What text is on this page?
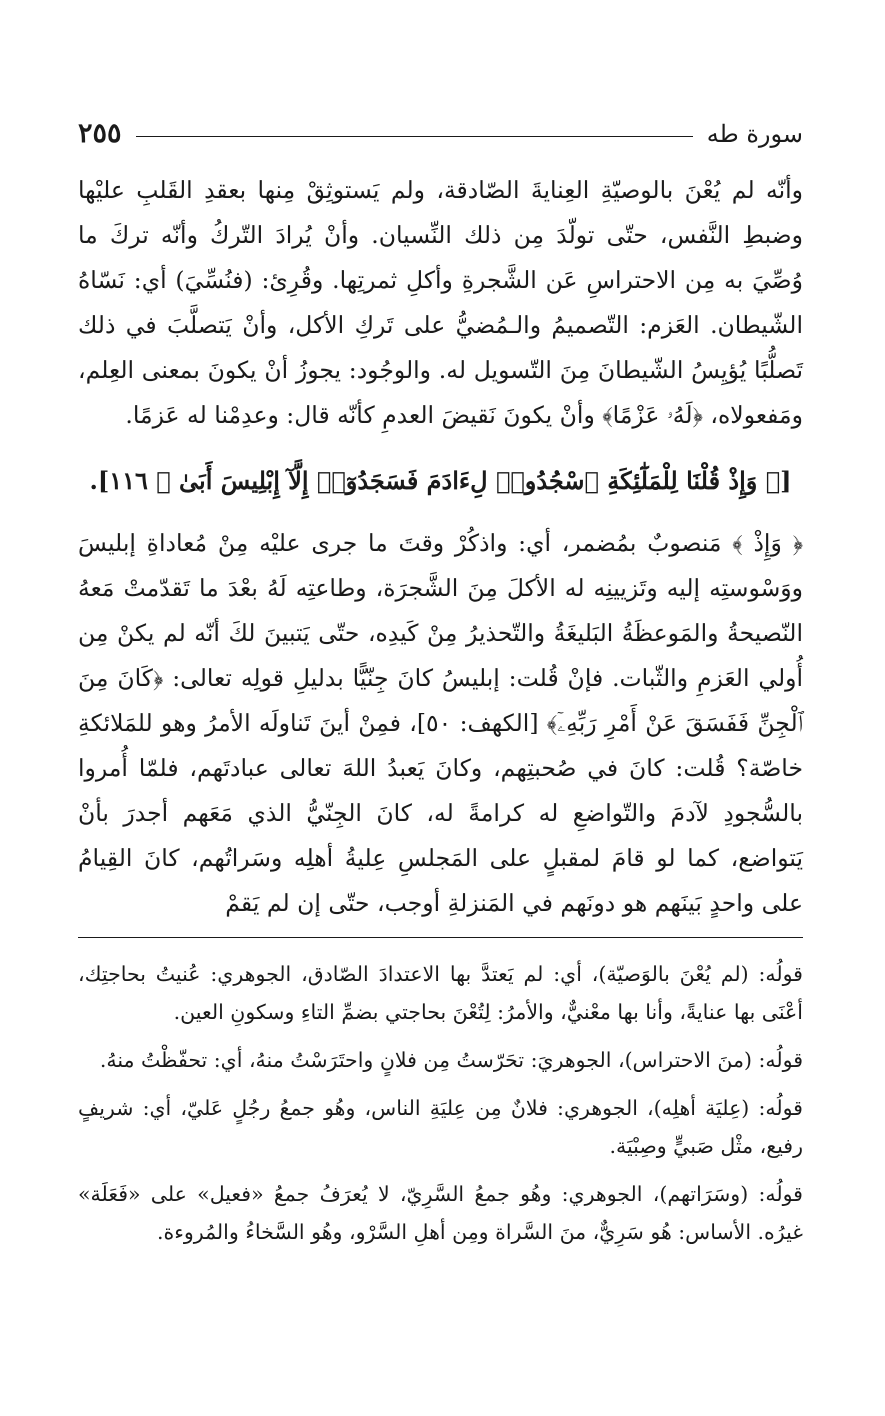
٢٥٥	سورة طه

وأنّه لم يُعْنَ بالوصيّةِ العِنايةَ الصّادقة، ولم يَستوثِقْ مِنها بعقدِ القَلبِ عليْها وضبطِ النَّفس، حتّى تولّدَ مِن ذلك النِّسيان. وأنْ يُرادَ التّركُ وأنّه تركَ ما وُصِّيَ به مِن الاحتراسِ عَن الشَّجرةِ وأكلِ ثمرتِها. وقُرِئ: (فنُسِّيَ) أي: نَسّاهُ الشّيطان. العَزم: التّصميمُ والـمُضيُّ على تَركِ الأكل، وأنْ يَتصلَّبَ في ذلك تَصلُّبًا يُؤيِسُ الشّيطانَ مِنَ التّسويل له. والوجُود: يجوزُ أنْ يكونَ بمعنى العِلم، ومَفعولاه، ﴿لَهُۥ عَزْمًا﴾ وأنْ يكونَ نَقيضَ العدمِ كأنّه قال: وعدِمْنا له عَزمًا.

[﴿ وَإِذْ قُلْنَا لِلْمَلَٰٓئِكَةِ ٱسْجُدُوا۟ لِءَادَمَ فَسَجَدُوٓا۟ إِلَّآ إِبْلِيسَ أَبَىٰ ﴾ ١١٦].

﴿ وَإِذْ ﴾ مَنصوبٌ بمُضمر، أي: واذكُرْ وقتَ ما جرى عليْه مِنْ مُعاداةِ إبليسَ ووَسْوستِه إليه وتَزيينِه له الأكلَ مِنَ الشَّجرَة، وطاعتِه لَهُ بعْدَ ما تَقدّمتْ مَعهُ النّصيحةُ والمَوعظَةُ البَليغَةُ والتّحذيرُ مِنْ كَيدِه، حتّى يَتبينَ لكَ أنّه لم يكنْ مِن أُولي العَزمِ والثّبات. فإنْ قُلت: إبليسُ كانَ جِنّيًّا بدليلِ قولِه تعالى: ﴿كَانَ مِنَ ٱلْجِنِّ فَفَسَقَ عَنْ أَمْرِ رَبِّهِۦٓ﴾ [الكهف: ٥٠]، فمِنْ أينَ تَناولَه الأمرُ وهو للمَلائكةِ خاصّة؟ قُلت: كانَ في صُحبتِهم، وكانَ يَعبدُ اللهَ تعالى عبادتَهم، فلمّا أُمروا بالسُّجودِ لآدمَ والتّواضعِ له كرامةً له، كانَ الجِنّيُّ الذي مَعَهم أجدرَ بأنْ يَتواضع، كما لو قامَ لمقبلٍ على المَجلسِ عِليةُ أهلِه وسَراتُهم، كانَ القِيامُ على واحدٍ بَينَهم هو دونَهم في المَنزلةِ أوجب، حتّى إن لم يَقمْ

قولُه: (لم يُعْنَ بالوَصيّة)، أي: لم يَعتدَّ بها الاعتدادَ الصّادق، الجوهري: عُنيتُ بحاجتِك، أعْنَى بها عنايةً، وأنا بها معْنيٌّ، والأمرُ: لِتُعْنَ بحاجتي بضمِّ التاءِ وسكونِ العين.

قولُه: (منَ الاحتراس)، الجوهريَ: تحَرّستُ مِن فلانٍ واحتَرَسْتُ منهُ، أي: تحفّظْتُ منهُ.

قولُه: (عِليَة أهلِه)، الجوهري: فلانٌ مِن عِليَةِ الناس، وهُو جمعُ رجُلٍ عَليّ، أي: شريفٍ رفيع، مثْل صَبيٍّ وصِبْيَة.

قولُه: (وسَرَاتهم)، الجوهري: وهُو جمعُ السَّرِيّ، لا يُعرَفُ جمعُ «فعيل» على «فَعَلَة» غيرُه. الأساس: هُو سَرِيٌّ، منَ السَّراة ومِن أهلِ السَّرْو، وهُو السَّخاءُ والمُروءة.
